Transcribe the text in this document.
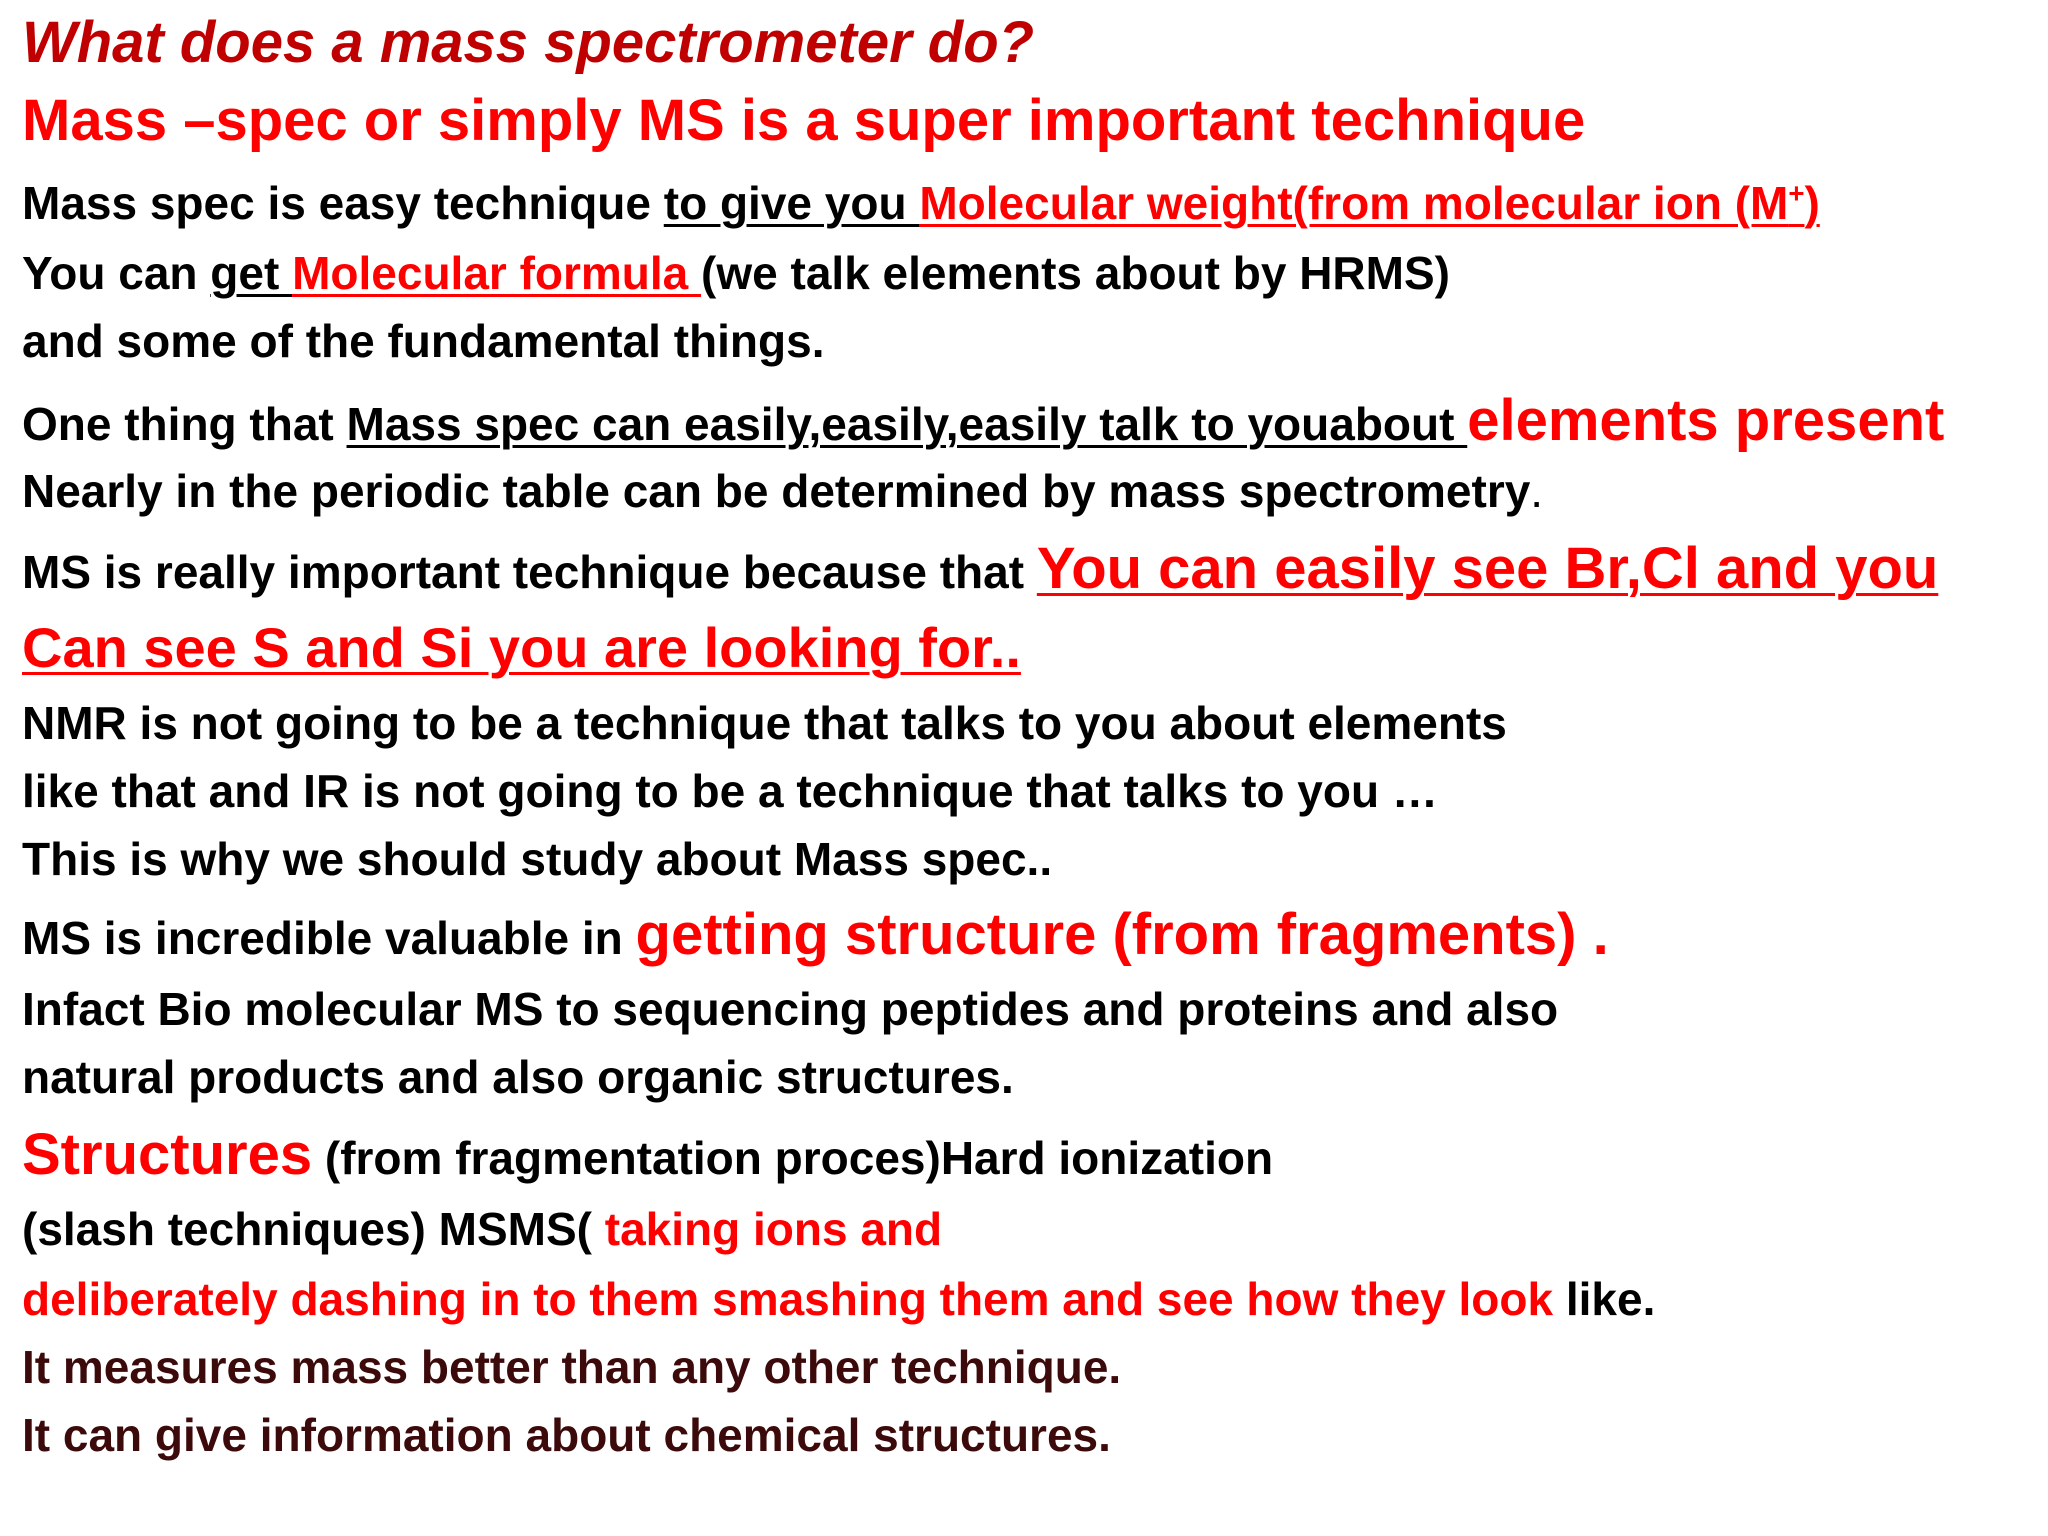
What does a mass spectrometer do?
Mass –spec or simply MS is a super important technique
Mass spec is easy technique to give you Molecular weight(from molecular ion (M+)
You can get Molecular formula (we talk elements about by HRMS)
and some of the fundamental things.
One thing that Mass spec can easily,easily,easily talk to youabout elements present
Nearly in the periodic table can be determined by mass spectrometry.
MS is really important technique because that You can easily see Br,Cl and you
Can see S and Si you are looking for..
NMR is not going to be a technique that talks to you about elements
like that and IR is not going to be a technique that talks to you …
This is why we should study about Mass spec..
MS is incredible valuable in getting structure (from fragments) .
Infact Bio molecular MS to sequencing peptides and proteins and also
natural products and also organic structures.
Structures (from fragmentation proces)Hard ionization
(slash techniques) MSMS( taking ions and
deliberately dashing in to them smashing them and see how they look like.
It measures mass better than any other technique.
It can give information about chemical structures.
